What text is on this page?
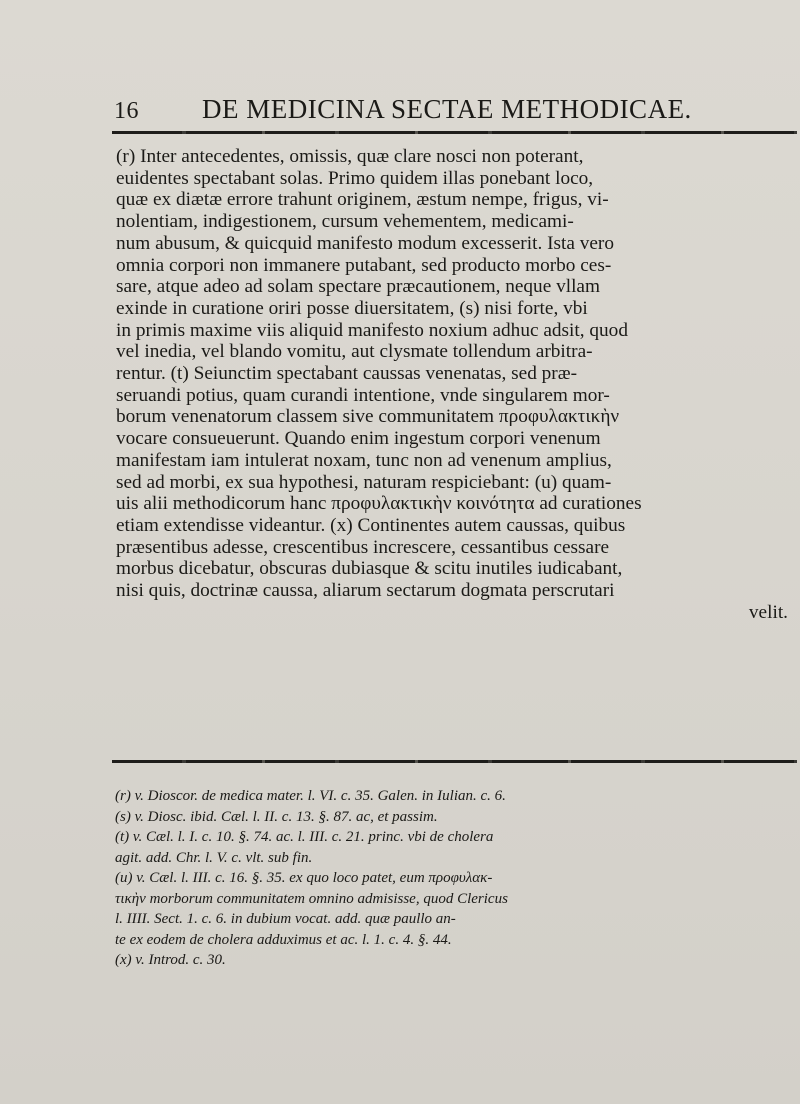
16 DE MEDICINA SECTAE METHODICAE.
(r) Inter antecedentes, omissis, quæ clare nosci non poterant,
euidentes spectabant solas. Primo quidem illas ponebant loco,
quæ ex diætæ errore trahunt originem, æstum nempe, frigus, vi-
nolentiam, indigestionem, cursum vehementem, medicami-
num abusum, & quicquid manifesto modum excesserit. Ista vero
omnia corpori non immanere putabant, sed producto morbo ces-
sare, atque adeo ad solam spectare præcautionem, neque vllam
exinde in curatione oriri posse diuersitatem, (s) nisi forte, vbi
in primis maxime viis aliquid manifesto noxium adhuc adsit, quod
vel inedia, vel blando vomitu, aut clysmate tollendum arbitra-
rentur. (t) Seiunctim spectabant caussas venenatas, sed præ-
seruandi potius, quam curandi intentione, vnde singularem mor-
borum venenatorum classem sive communitatem προφυλακτικὴν
vocare consueuerunt. Quando enim ingestum corpori venenum
manifestam iam intulerat noxam, tunc non ad venenum amplius,
sed ad morbi, ex sua hypothesi, naturam respiciebant: (u) quam-
uis alii methodicorum hanc προφυλακτικὴν κοινότητα ad curationes
etiam extendisse videantur. (x) Continentes autem caussas, quibus
præsentibus adesse, crescentibus increscere, cessantibus cessare
morbus dicebatur, obscuras dubiasque & scitu inutiles iudicabant,
nisi quis, doctrinæ caussa, aliarum sectarum dogmata perscrutari
velit.
(r) v. Dioscor. de medica mater. l. VI. c. 35. Galen. in Iulian. c. 6.
(s) v. Diosc. ibid. Cæl. l. II. c. 13. §. 87. ac, et passim.
(t) v. Cæl. l. I. c. 10. §. 74. ac. l. III. c. 21. princ. vbi de cholera
agit. add. Chr. l. V. c. vlt. sub fin.
(u) v. Cæl. l. III. c. 16. §. 35. ex quo loco patet, eum προφυλακ-
τικὴν morborum communitatem omnino admisisse, quod Clericus
l. IIII. Sect. 1. c. 6. in dubium vocat. add. quæ paullo an-
te ex eodem de cholera adduximus et ac. l. 1. c. 4. §. 44.
(x) v. Introd. c. 30.
